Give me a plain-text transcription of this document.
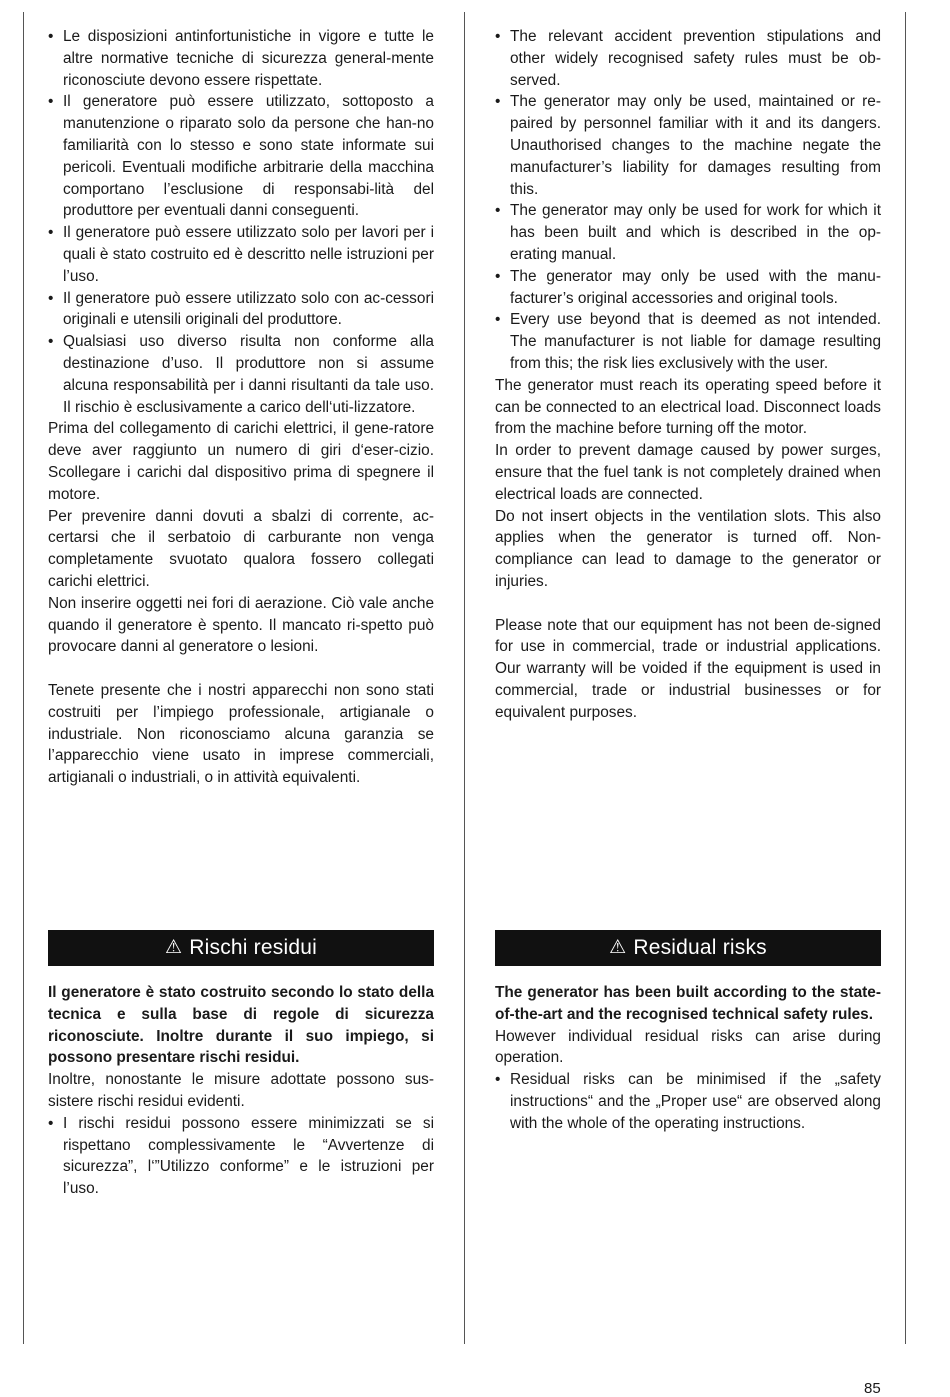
• Le disposizioni antinfortunistiche in vigore e tutte le altre normative tecniche di sicurezza general-mente riconosciute devono essere rispettate.
• Il generatore può essere utilizzato, sottoposto a manutenzione o riparato solo da persone che han-no familiarità con lo stesso e sono state informate sui pericoli. Eventuali modifiche arbitrarie della macchina comportano l’esclusione di responsabi-lità del produttore per eventuali danni conseguenti.
• Il generatore può essere utilizzato solo per lavori per i quali è stato costruito ed è descritto nelle istruzioni per l’uso.
• Il generatore può essere utilizzato solo con ac-cessori originali e utensili originali del produttore.
• Qualsiasi uso diverso risulta non conforme alla destinazione d’uso. Il produttore non si assume alcuna responsabilità per i danni risultanti da tale uso. Il rischio è esclusivamente a carico dell‘uti-lizzatore.

Prima del collegamento di carichi elettrici, il gene-ratore deve aver raggiunto un numero di giri d‘eser-cizio. Scollegare i carichi dal dispositivo prima di spegnere il motore.

Per prevenire danni dovuti a sbalzi di corrente, ac-certarsi che il serbatoio di carburante non venga completamente svuotato qualora fossero collegati carichi elettrici.

Non inserire oggetti nei fori di aerazione. Ciò vale anche quando il generatore è spento. Il mancato ri-spetto può provocare danni al generatore o lesioni.

Tenete presente che i nostri apparecchi non sono stati costruiti per l’impiego professionale, artigianale o industriale. Non riconosciamo alcuna garanzia se l’apparecchio viene usato in imprese commerciali, artigianali o industriali, o in attività equivalenti.

• The relevant accident prevention stipulations and other widely recognised safety rules must be ob-served.
• The generator may only be used, maintained or re-paired by personnel familiar with it and its dangers. Unauthorised changes to the machine negate the manufacturer’s liability for damages resulting from this.
• The generator may only be used for work for which it has been built and which is described in the op-erating manual.
• The generator may only be used with the manu-facturer’s original accessories and original tools.
• Every use beyond that is deemed as not intended. The manufacturer is not liable for damage resulting from this; the risk lies exclusively with the user.

The generator must reach its operating speed before it can be connected to an electrical load. Disconnect loads from the machine before turning off the motor.

In order to prevent damage caused by power surges, ensure that the fuel tank is not completely drained when electrical loads are connected.

Do not insert objects in the ventilation slots. This also applies when the generator is turned off. Non-compliance can lead to damage to the generator or injuries.

Please note that our equipment has not been de-signed for use in commercial, trade or industrial applications. Our warranty will be voided if the equipment is used in commercial, trade or industrial businesses or for equivalent purposes.

⚠ Rischi residui

Il generatore è stato costruito secondo lo stato della tecnica e sulla base di regole di sicurezza riconosciute. Inoltre durante il suo impiego, si possono presentare rischi residui.

Inoltre, nonostante le misure adottate possono sus-sistere rischi residui evidenti.

• I rischi residui possono essere minimizzati se si rispettano complessivamente le “Avvertenze di sicurezza”, l‘”Utilizzo conforme” e le istruzioni per l’uso.
⚠ Residual risks

The generator has been built according to the state-of-the-art and the recognised technical safety rules.

However individual residual risks can arise during operation.

• Residual risks can be minimised if the „safety instructions“ and the „Proper use“ are observed along with the whole of the operating instructions.
85
